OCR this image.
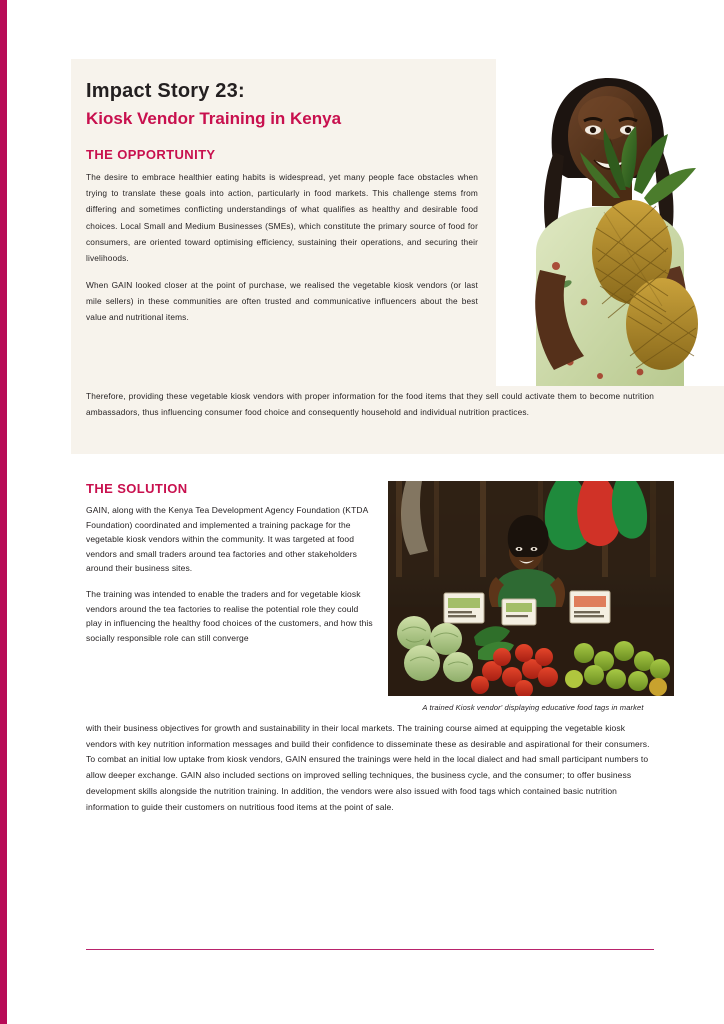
Impact Story 23:
Kiosk Vendor Training in Kenya
THE OPPORTUNITY

The desire to embrace healthier eating habits is widespread, yet many people face obstacles when trying to translate these goals into action, particularly in food markets. This challenge stems from differing and sometimes conflicting understandings of what qualifies as healthy and desirable food choices. Local Small and Medium Businesses (SMEs), which constitute the primary source of food for consumers, are oriented toward optimising efficiency, sustaining their operations, and securing their livelihoods.

When GAIN looked closer at the point of purchase, we realised the vegetable kiosk vendors (or last mile sellers) in these communities are often trusted and communicative influencers about the best value and nutritional items.

Therefore, providing these vegetable kiosk vendors with proper information for the food items that they sell could activate them to become nutrition ambassadors, thus influencing consumer food choice and consequently household and individual nutrition practices.
THE SOLUTION

GAIN, along with the Kenya Tea Development Agency Foundation (KTDA Foundation) coordinated and implemented a training package for the vegetable kiosk vendors within the community. It was targeted at food vendors and small traders around tea factories and other stakeholders around their business sites.

The training was intended to enable the traders and for vegetable kiosk vendors around the tea factories to realise the potential role they could play in influencing the healthy food choices of the customers, and how this socially responsible role can still converge

A trained Kiosk vendor' displaying educative food tags in market
with their business objectives for growth and sustainability in their local markets. The training course aimed at equipping the vegetable kiosk vendors with key nutrition information messages and build their confidence to disseminate these as desirable and aspirational for their consumers. To combat an initial low uptake from kiosk vendors, GAIN ensured the trainings were held in the local dialect and had small participant numbers to allow deeper exchange. GAIN also included sections on improved selling techniques, the business cycle, and the consumer; to offer business development skills alongside the nutrition training. In addition, the vendors were also issued with food tags which contained basic nutrition information to guide their customers on nutritious food items at the point of sale.
